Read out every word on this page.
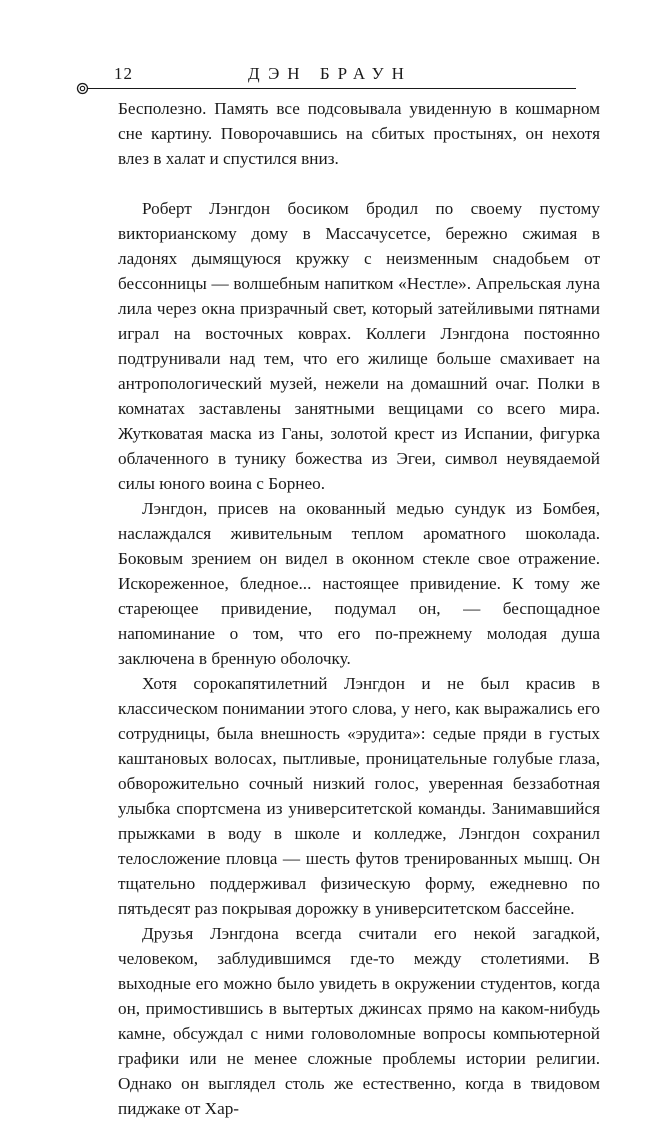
12	ДЭН БРАУН

Бесполезно. Память все подсовывала увиденную в кошмарном сне картину. Поворочавшись на сбитых простынях, он нехотя влез в халат и спустился вниз.

Роберт Лэнгдон босиком бродил по своему пустому викторианскому дому в Массачусетсе, бережно сжимая в ладонях дымящуюся кружку с неизменным снадобьем от бессонницы — волшебным напитком «Нестле». Апрельская луна лила через окна призрачный свет, который затейливыми пятнами играл на восточных коврах. Коллеги Лэнгдона постоянно подтрунивали над тем, что его жилище больше смахивает на антропологический музей, нежели на домашний очаг. Полки в комнатах заставлены занятными вещицами со всего мира. Жутковатая маска из Ганы, золотой крест из Испании, фигурка облаченного в тунику божества из Эгеи, символ неувядаемой силы юного воина с Борнео.

Лэнгдон, присев на окованный медью сундук из Бомбея, наслаждался живительным теплом ароматного шоколада. Боковым зрением он видел в оконном стекле свое отражение. Искореженное, бледное... настоящее привидение. К тому же стареющее привидение, подумал он, — беспощадное напоминание о том, что его по-прежнему молодая душа заключена в бренную оболочку.

Хотя сорокапятилетний Лэнгдон и не был красив в классическом понимании этого слова, у него, как выражались его сотрудницы, была внешность «эрудита»: седые пряди в густых каштановых волосах, пытливые, проницательные голубые глаза, обворожительно сочный низкий голос, уверенная беззаботная улыбка спортсмена из университетской команды. Занимавшийся прыжками в воду в школе и колледже, Лэнгдон сохранил телосложение пловца — шесть футов тренированных мышц. Он тщательно поддерживал физическую форму, ежедневно по пятьдесят раз покрывая дорожку в университетском бассейне.

Друзья Лэнгдона всегда считали его некой загадкой, человеком, заблудившимся где-то между столетиями. В выходные его можно было увидеть в окружении студентов, когда он, примостившись в вытертых джинсах прямо на каком-нибудь камне, обсуждал с ними головоломные вопросы компьютерной графики или не менее сложные проблемы истории религии. Однако он выглядел столь же естественно, когда в твидовом пиджаке от Хар-
